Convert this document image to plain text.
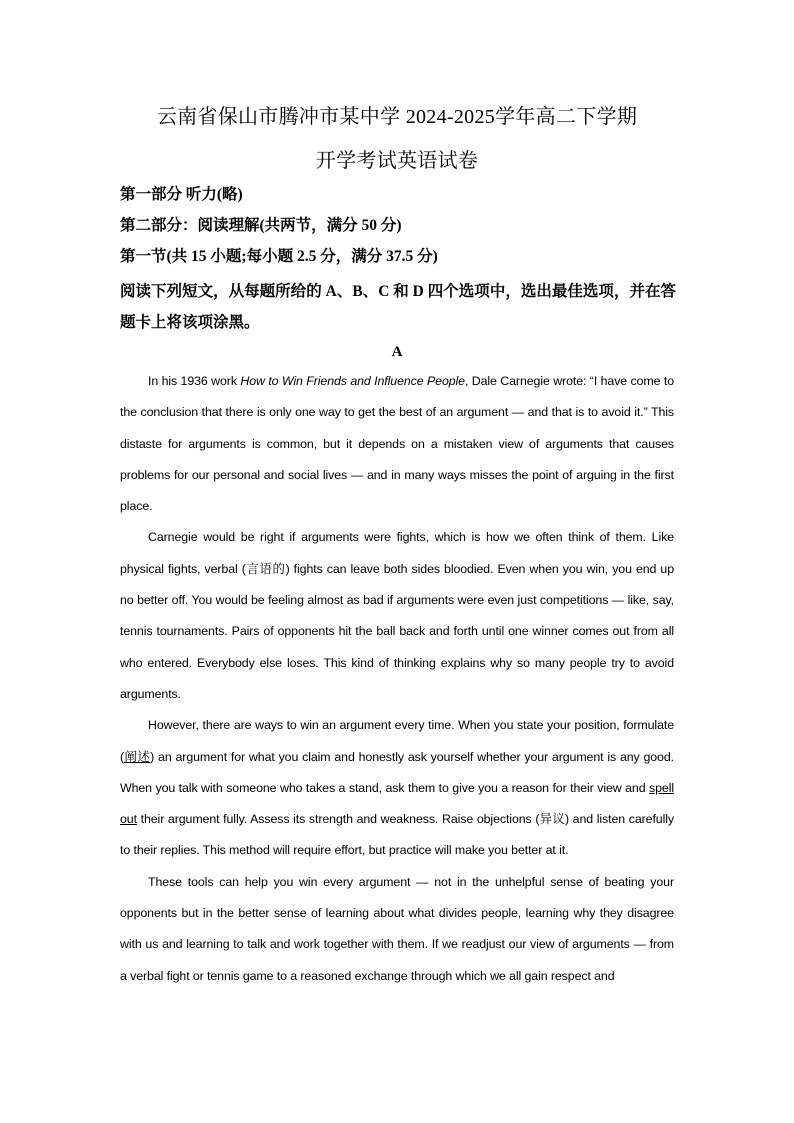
云南省保山市腾冲市某中学 2024-2025学年高二下学期
开学考试英语试卷
第一部分 听力(略)
第二部分：阅读理解(共两节，满分 50 分)
第一节(共 15 小题;每小题 2.5 分，满分 37.5 分)
阅读下列短文，从每题所给的 A、B、C 和 D 四个选项中，选出最佳选项，并在答题卡上将该项涂黑。
A

In his 1936 work How to Win Friends and Influence People, Dale Carnegie wrote: “I have come to the conclusion that there is only one way to get the best of an argument — and that is to avoid it.” This distaste for arguments is common, but it depends on a mistaken view of arguments that causes problems for our personal and social lives — and in many ways misses the point of arguing in the first place.

Carnegie would be right if arguments were fights, which is how we often think of them. Like physical fights, verbal (言语的) fights can leave both sides bloodied. Even when you win, you end up no better off. You would be feeling almost as bad if arguments were even just competitions — like, say, tennis tournaments. Pairs of opponents hit the ball back and forth until one winner comes out from all who entered. Everybody else loses. This kind of thinking explains why so many people try to avoid arguments.

However, there are ways to win an argument every time. When you state your position, formulate (阐述) an argument for what you claim and honestly ask yourself whether your argument is any good. When you talk with someone who takes a stand, ask them to give you a reason for their view and spell out their argument fully. Assess its strength and weakness. Raise objections (异议) and listen carefully to their replies. This method will require effort, but practice will make you better at it.

These tools can help you win every argument — not in the unhelpful sense of beating your opponents but in the better sense of learning about what divides people, learning why they disagree with us and learning to talk and work together with them. If we readjust our view of arguments — from a verbal fight or tennis game to a reasoned exchange through which we all gain respect and
